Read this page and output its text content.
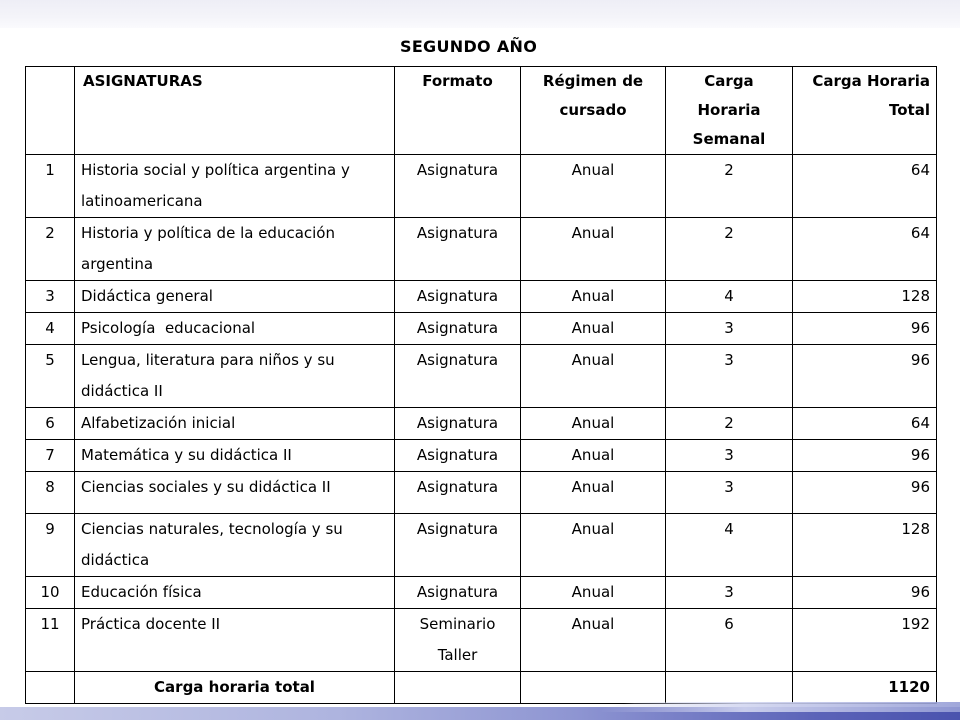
SEGUNDO AÑO
	ASIGNATURAS	Formato	Régimen de cursado	Carga Horaria Semanal	Carga Horaria Total
1	Historia social y política argentina y latinoamericana	Asignatura	Anual	2	64
2	Historia y política de la educación argentina	Asignatura	Anual	2	64
3	Didáctica general	Asignatura	Anual	4	128
4	Psicología  educacional	Asignatura	Anual	3	96
5	Lengua, literatura para niños y su didáctica II	Asignatura	Anual	3	96
6	Alfabetización inicial	Asignatura	Anual	2	64
7	Matemática y su didáctica II	Asignatura	Anual	3	96
8	Ciencias sociales y su didáctica II	Asignatura	Anual	3	96
9	Ciencias naturales, tecnología y su didáctica	Asignatura	Anual	4	128
10	Educación física	Asignatura	Anual	3	96
11	Práctica docente II	Seminario Taller	Anual	6	192
	Carga horaria total				1120
